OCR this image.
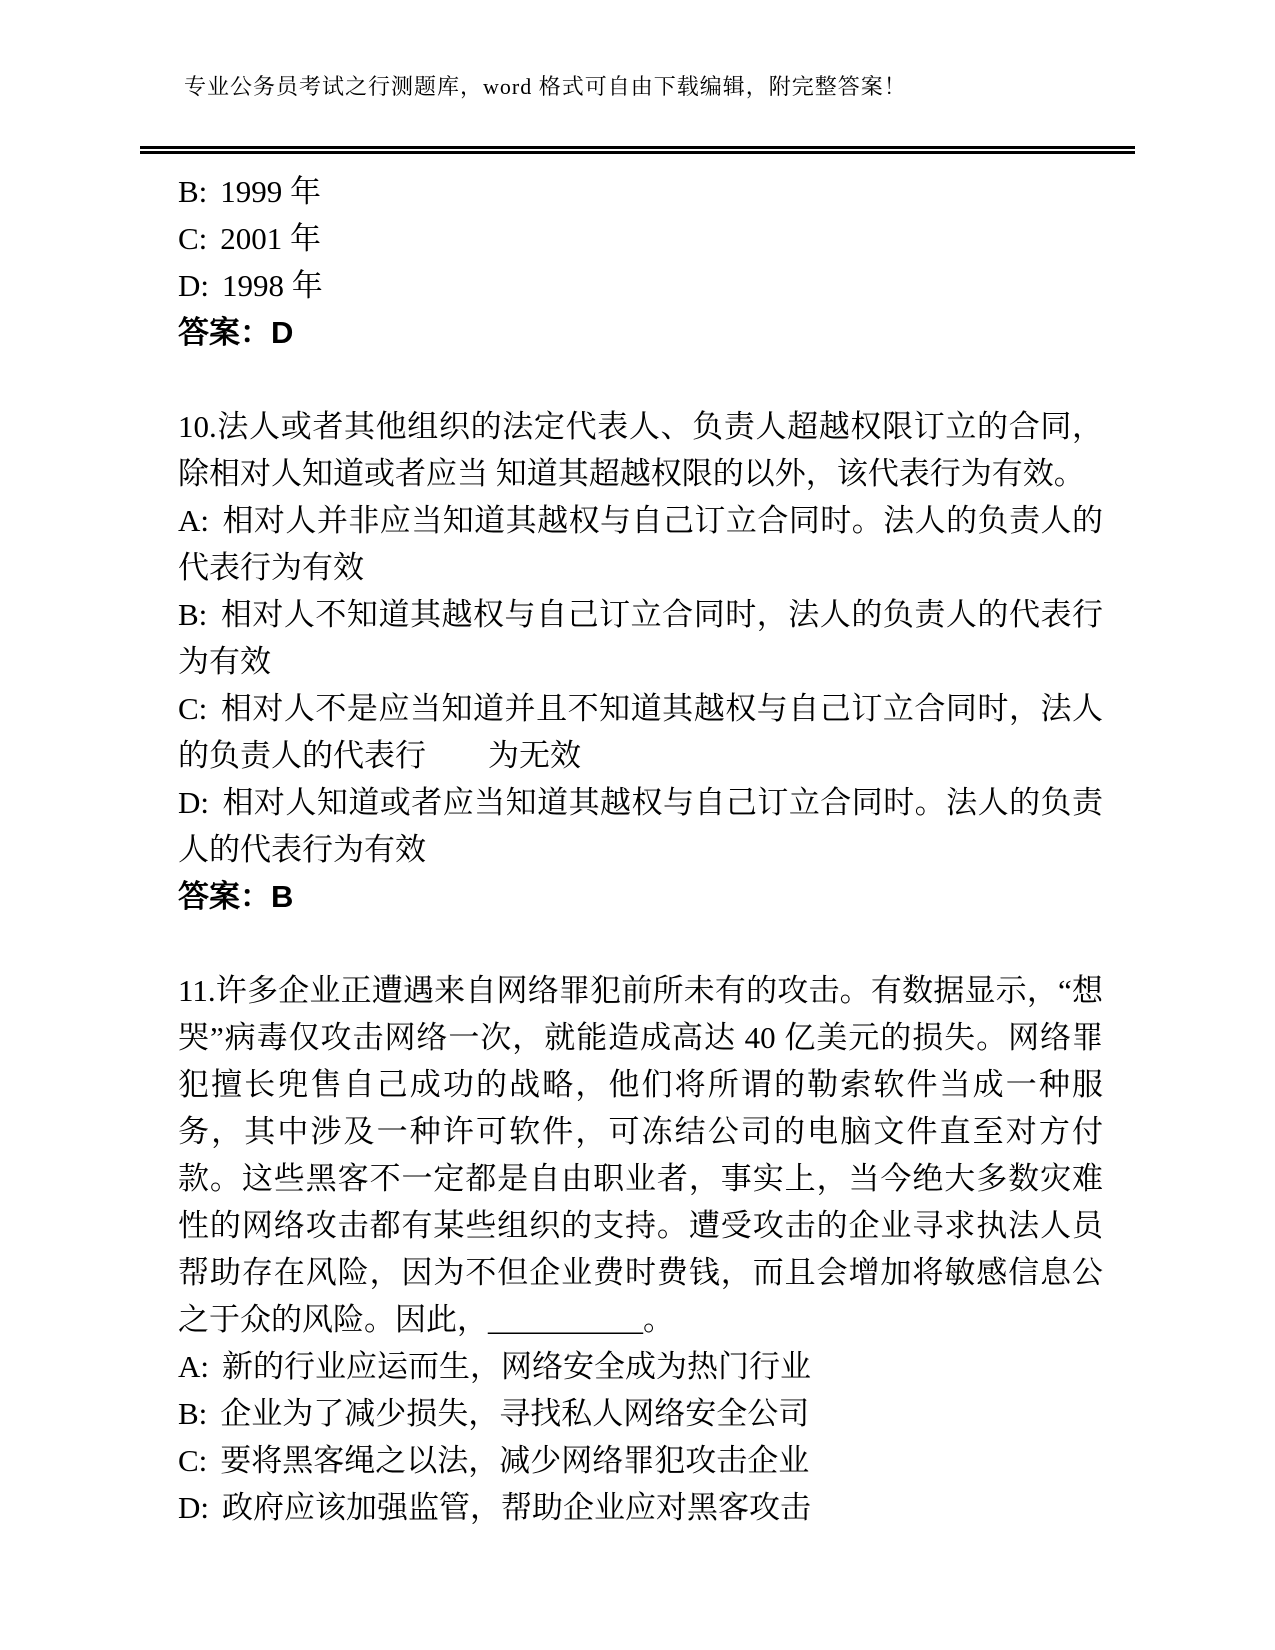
专业公务员考试之行测题库，word 格式可自由下载编辑，附完整答案！

B: 1999 年

C: 2001 年

D: 1998 年

答案：D

10.法人或者其他组织的法定代表人、负责人超越权限订立的合同，除相对人知道或者应当 知道其超越权限的以外，该代表行为有效。

A: 相对人并非应当知道其越权与自己订立合同时。法人的负责人的代表行为有效

B: 相对人不知道其越权与自己订立合同时，法人的负责人的代表行为有效

C: 相对人不是应当知道并且不知道其越权与自己订立合同时，法人的负责人的代表行　　为无效

D: 相对人知道或者应当知道其越权与自己订立合同时。法人的负责人的代表行为有效

答案：B

11.许多企业正遭遇来自网络罪犯前所未有的攻击。有数据显示，“想哭”病毒仅攻击网络一次，就能造成高达 40 亿美元的损失。网络罪犯擅长兜售自己成功的战略，他们将所谓的勒索软件当成一种服务，其中涉及一种许可软件，可冻结公司的电脑文件直至对方付款。这些黑客不一定都是自由职业者，事实上，当今绝大多数灾难性的网络攻击都有某些组织的支持。遭受攻击的企业寻求执法人员帮助存在风险，因为不但企业费时费钱，而且会增加将敏感信息公之于众的风险。因此，__________。

A: 新的行业应运而生，网络安全成为热门行业

B: 企业为了减少损失，寻找私人网络安全公司

C: 要将黑客绳之以法，减少网络罪犯攻击企业

D: 政府应该加强监管，帮助企业应对黑客攻击
